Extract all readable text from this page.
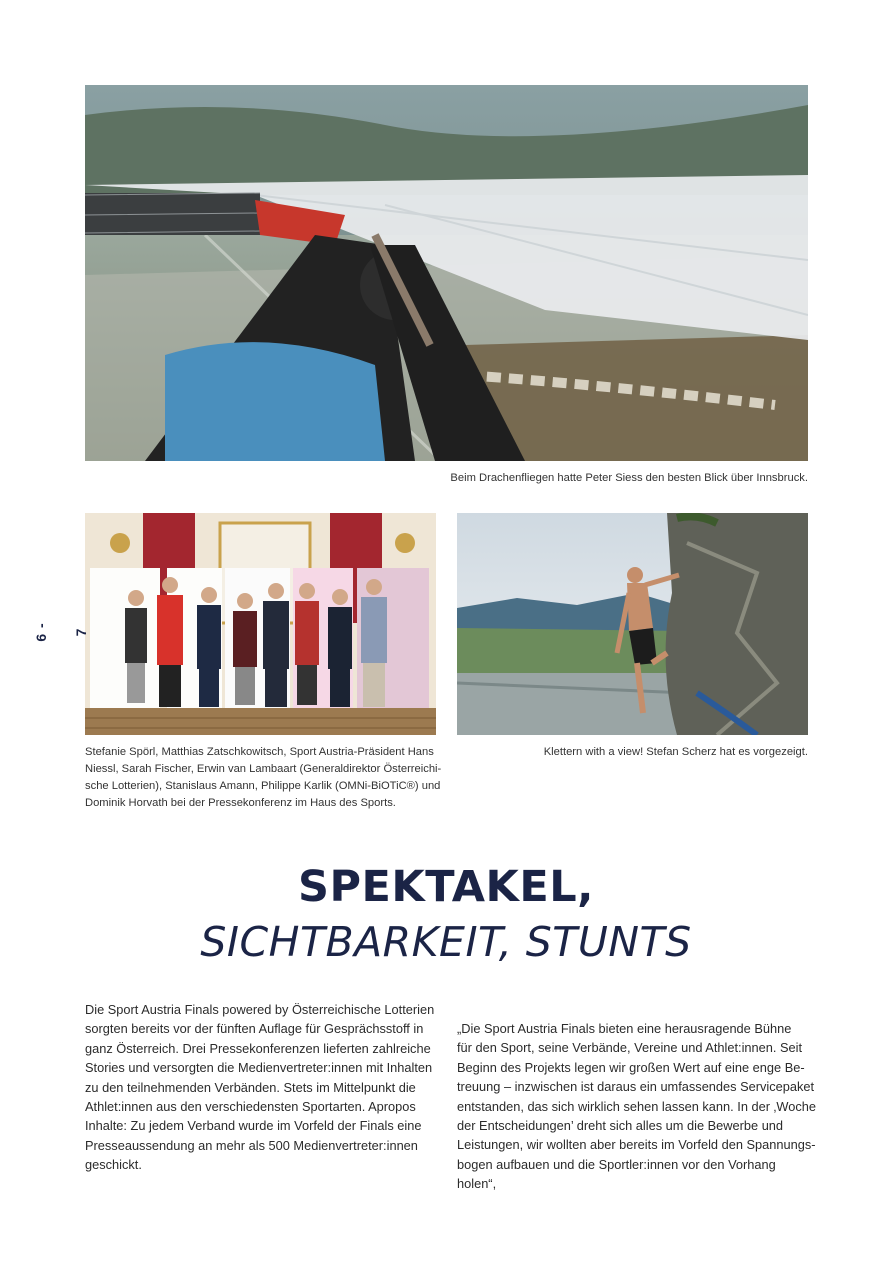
Beim Drachenfliegen hatte Peter Siess den besten Blick über Innsbruck.
Stefanie Spörl, Matthias Zatschkowitsch, Sport Austria-Präsident Hans
Niessl, Sarah Fischer, Erwin van Lambaart (Generaldirektor Österreichi-
sche Lotterien), Stanislaus Amann, Philippe Karlik (OMNi-BiOTiC®) und
Dominik Horvath bei der Pressekonferenz im Haus des Sports.
Klettern with a view! Stefan Scherz hat es vorgezeigt.
6 - 7
SPEKTAKEL,
SICHTBARKEIT, STUNTS
Die Sport Austria Finals powered by Österreichische Lotterien
sorgten bereits vor der fünften Auflage für Gesprächsstoff in
ganz Österreich. Drei Pressekonferenzen lieferten zahlreiche
Stories und versorgten die Medienvertreter:innen mit Inhalten
zu den teilnehmenden Verbänden. Stets im Mittelpunkt die
Athlet:innen aus den verschiedensten Sportarten. Apropos
Inhalte: Zu jedem Verband wurde im Vorfeld der Finals eine
Presseaussendung an mehr als 500 Medienvertreter:innen
geschickt.
„Die Sport Austria Finals bieten eine herausragende Bühne
für den Sport, seine Verbände, Vereine und Athlet:innen. Seit
Beginn des Projekts legen wir großen Wert auf eine enge Be-
treuung – inzwischen ist daraus ein umfassendes Servicepaket
entstanden, das sich wirklich sehen lassen kann. In der ‚Woche
der Entscheidungen’ dreht sich alles um die Bewerbe und
Leistungen, wir wollten aber bereits im Vorfeld den Spannungs-
bogen aufbauen und die Sportler:innen vor den Vorhang holen“,
